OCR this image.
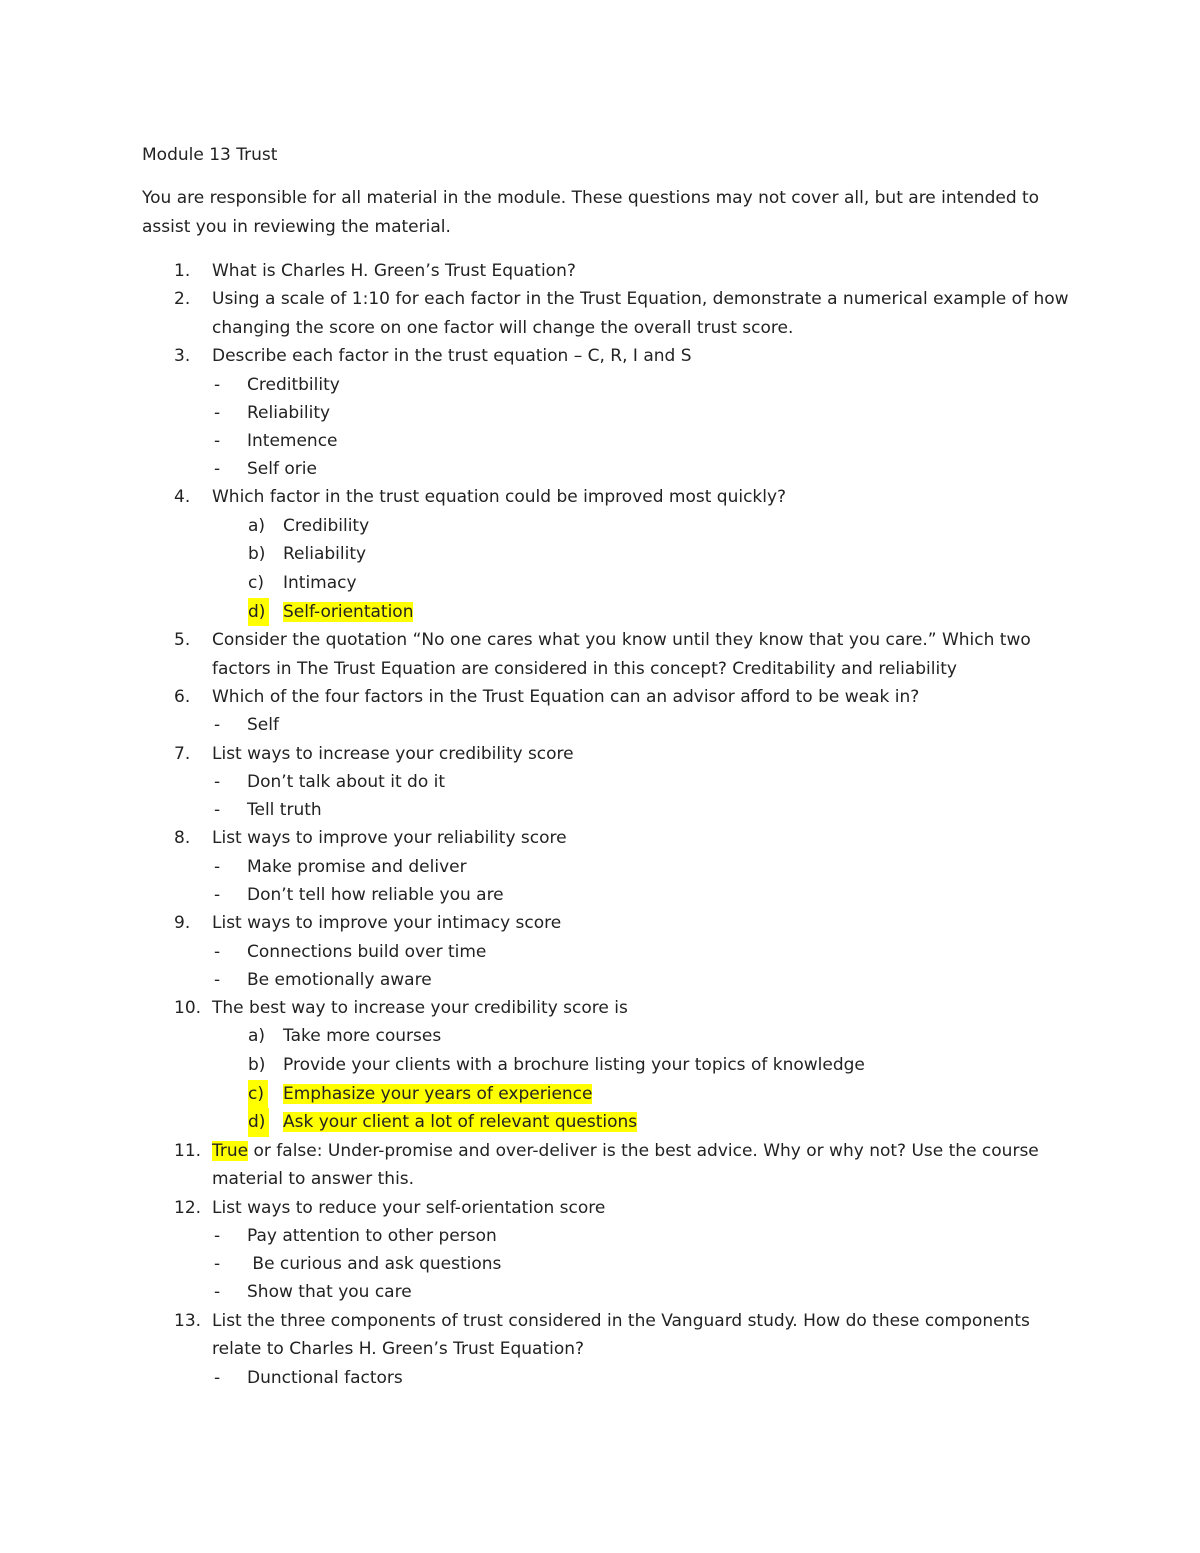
Module 13 Trust
You are responsible for all material in the module. These questions may not cover all, but are intended to assist you in reviewing the material.
1. What is Charles H. Green’s Trust Equation?
2. Using a scale of 1:10 for each factor in the Trust Equation, demonstrate a numerical example of how changing the score on one factor will change the overall trust score.
3. Describe each factor in the trust equation – C, R, I and S
- Creditbility
- Reliability
- Intemence
- Self orie
4. Which factor in the trust equation could be improved most quickly?
a) Credibility
b) Reliability
c) Intimacy
d) Self-orientation
5. Consider the quotation “No one cares what you know until they know that you care.” Which two factors in The Trust Equation are considered in this concept? Creditability and reliability
6. Which of the four factors in the Trust Equation can an advisor afford to be weak in?
- Self
7. List ways to increase your credibility score
- Don’t talk about it do it
- Tell truth
8. List ways to improve your reliability score
- Make promise and deliver
- Don’t tell how reliable you are
9. List ways to improve your intimacy score
- Connections build over time
- Be emotionally aware
10. The best way to increase your credibility score is
a) Take more courses
b) Provide your clients with a brochure listing your topics of knowledge
c) Emphasize your years of experience
d) Ask your client a lot of relevant questions
11. True or false: Under-promise and over-deliver is the best advice. Why or why not? Use the course material to answer this.
12. List ways to reduce your self-orientation score
- Pay attention to other person
- Be curious and ask questions
- Show that you care
13. List the three components of trust considered in the Vanguard study. How do these components relate to Charles H. Green’s Trust Equation?
- Dunctional factors
